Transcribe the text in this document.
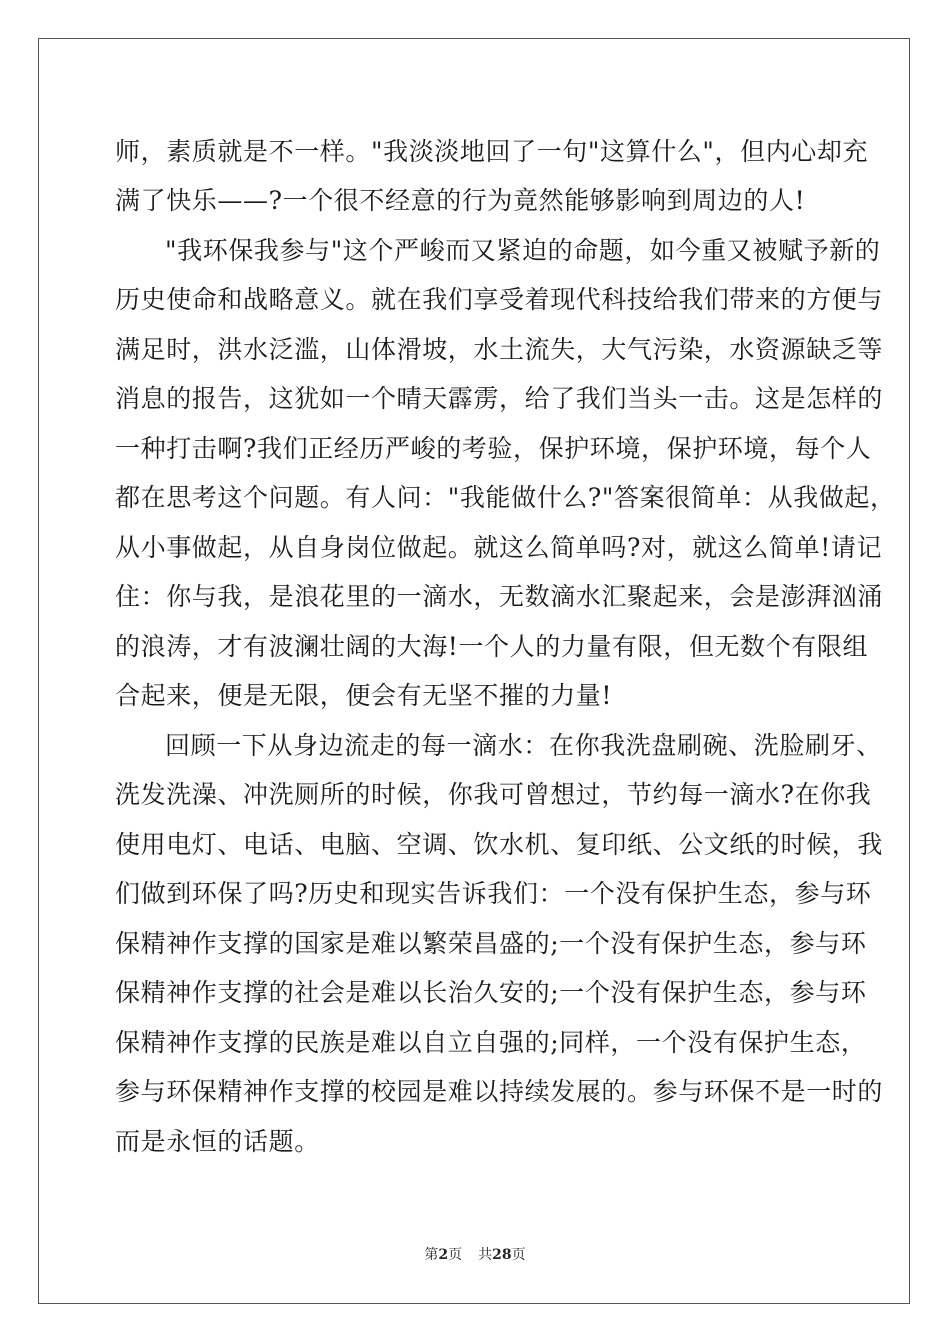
师，素质就是不一样。"我淡淡地回了一句"这算什么"，但内心却充
满了快乐——?一个很不经意的行为竟然能够影响到周边的人!
"我环保我参与"这个严峻而又紧迫的命题，如今重又被赋予新的
历史使命和战略意义。就在我们享受着现代科技给我们带来的方便与
满足时，洪水泛滥，山体滑坡，水土流失，大气污染，水资源缺乏等
消息的报告，这犹如一个晴天霹雳，给了我们当头一击。这是怎样的
一种打击啊?我们正经历严峻的考验，保护环境，保护环境，每个人
都在思考这个问题。有人问："我能做什么?"答案很简单：从我做起，
从小事做起，从自身岗位做起。就这么简单吗?对，就这么简单!请记
住：你与我，是浪花里的一滴水，无数滴水汇聚起来，会是澎湃汹涌
的浪涛，才有波澜壮阔的大海!一个人的力量有限，但无数个有限组
合起来，便是无限，便会有无坚不摧的力量!
回顾一下从身边流走的每一滴水：在你我洗盘刷碗、洗脸刷牙、
洗发洗澡、冲洗厕所的时候，你我可曾想过，节约每一滴水?在你我
使用电灯、电话、电脑、空调、饮水机、复印纸、公文纸的时候，我
们做到环保了吗?历史和现实告诉我们：一个没有保护生态，参与环
保精神作支撑的国家是难以繁荣昌盛的;一个没有保护生态，参与环
保精神作支撑的社会是难以长治久安的;一个没有保护生态，参与环
保精神作支撑的民族是难以自立自强的;同样，一个没有保护生态，
参与环保精神作支撑的校园是难以持续发展的。参与环保不是一时的
而是永恒的话题。
第2页 共28页
